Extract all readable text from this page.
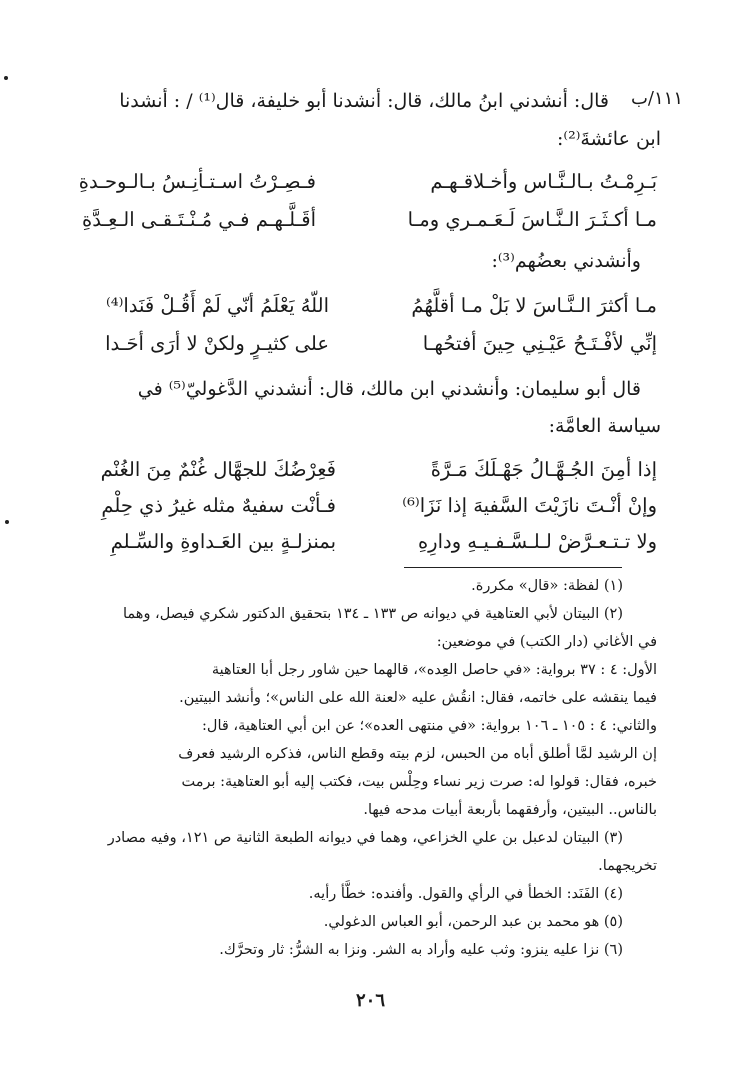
١١١/ب
قال: أنشدني ابنُ مالك، قال: أنشدنا أبو خليفة، قال⁽¹⁾ / : أنشدنا
ابن عائشةَ⁽²⁾:
بَـرِمْـتُ بـالـنَّـاس وأخـلاقـهـم
فـصِـرْتُ اسـتـأنِـسُ بـالـوحـدةِ
مـا أكـثَـرَ الـنَّـاسَ لَـعَـمـري ومـا
أقَـلَّـهـم فـي مُـنْـتَـقـى الـعِـدَّةِ
وأنشدني بعضُهم⁽³⁾:
مـا أكثرَ الـنَّـاسَ لا بَلْ مـا أقلَّهُمُ
اللّهُ يَعْلَمُ أنّي لَمْ أَقُـلْ فَنَدا⁽⁴⁾
إنِّي لأفْـتَـحُ عَيْـنِي حِينَ أفتحُهـا
على كثيـرٍ ولكنْ لا أرَى أحَـدا
قال أبو سليمان: وأنشدني ابن مالك، قال: أنشدني الدَّغوليّ⁽⁵⁾ في
سياسة العامَّة:
إذا أمِنَ الجُـهَّـالُ جَهْـلَكَ مَـرَّةً
فَعِرْضُكَ للجهَّال غُنْمٌ مِنَ الغُنْم
وإنْ أنْـتَ نازَيْتَ السَّفيهَ إذا نَزَا⁽⁶⁾
فـأنْت سفيهٌ مثله غيرُ ذي حِلْمِ
ولا تـتـعـرَّضْ لـلـسَّـفـيـهِ ودارِهِ
بمنزلـةٍ بين العَـداوةِ والسِّـلمِ
(١) لفظة: «قال» مكررة.
(٢) البيتان لأبي العتاهية في ديوانه ص ١٣٣ ـ ١٣٤ بتحقيق الدكتور شكري فيصل، وهما
في الأغاني (دار الكتب) في موضعين:
الأول: ٤ : ٣٧ برواية: «في حاصل العِده»، قالهما حين شاور رجل أبا العتاهية
فيما ينقشه على خاتمه، فقال: انقُش عليه «لعنة الله على الناس»؛ وأنشد البيتين.
والثاني: ٤ : ١٠٥ ـ ١٠٦ برواية: «في منتهى العده»؛ عن ابن أبي العتاهية، قال:
إن الرشيد لمَّا أطلق أباه من الحبس، لزم بيته وقطع الناس، فذكره الرشيد فعرف
خبره، فقال: قولوا له: صرت زير نساء وحِلْس بيت، فكتب إليه أبو العتاهية: برمت
بالناس.. البيتين، وأرفقهما بأربعة أبيات مدحه فيها.
(٣) البيتان لدعبل بن علي الخزاعي، وهما في ديوانه الطبعة الثانية ص ١٢١، وفيه مصادر
تخريجهما.
(٤) الفَنَد: الخطأ في الرأي والقول. وأفنده: خطَّأ رأيه.
(٥) هو محمد بن عبد الرحمن، أبو العباس الدغولي.
(٦) نزا عليه ينزو: وثب عليه وأراد به الشر. ونزا به الشرُّ: ثار وتحرَّك.
٢٠٦
